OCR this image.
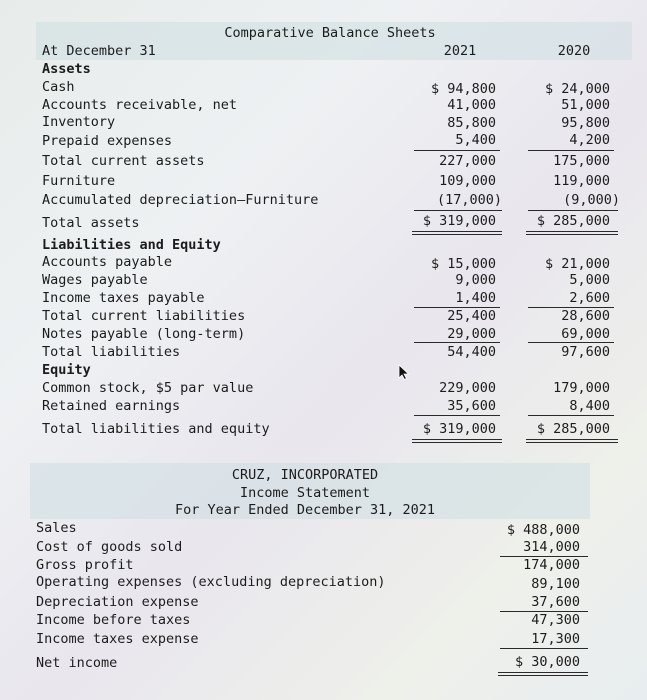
Comparative Balance Sheets
At December 31	2021	2020
Assets
Cash	$ 94,800	$ 24,000
Accounts receivable, net	41,000	51,000
Inventory	85,800	95,800
Prepaid expenses	5,400	4,200
Total current assets	227,000	175,000
Furniture	109,000	119,000
Accumulated depreciation—Furniture	(17,000)	(9,000)
Total assets	$ 319,000	$ 285,000
Liabilities and Equity
Accounts payable	$ 15,000	$ 21,000
Wages payable	9,000	5,000
Income taxes payable	1,400	2,600
Total current liabilities	25,400	28,600
Notes payable (long-term)	29,000	69,000
Total liabilities	54,400	97,600
Equity
Common stock, $5 par value	229,000	179,000
Retained earnings	35,600	8,400
Total liabilities and equity	$ 319,000	$ 285,000
CRUZ, INCORPORATED
Income Statement
For Year Ended December 31, 2021
Sales	$ 488,000
Cost of goods sold	314,000
Gross profit	174,000
Operating expenses (excluding depreciation)	89,100
Depreciation expense	37,600
Income before taxes	47,300
Income taxes expense	17,300
Net income	$ 30,000
